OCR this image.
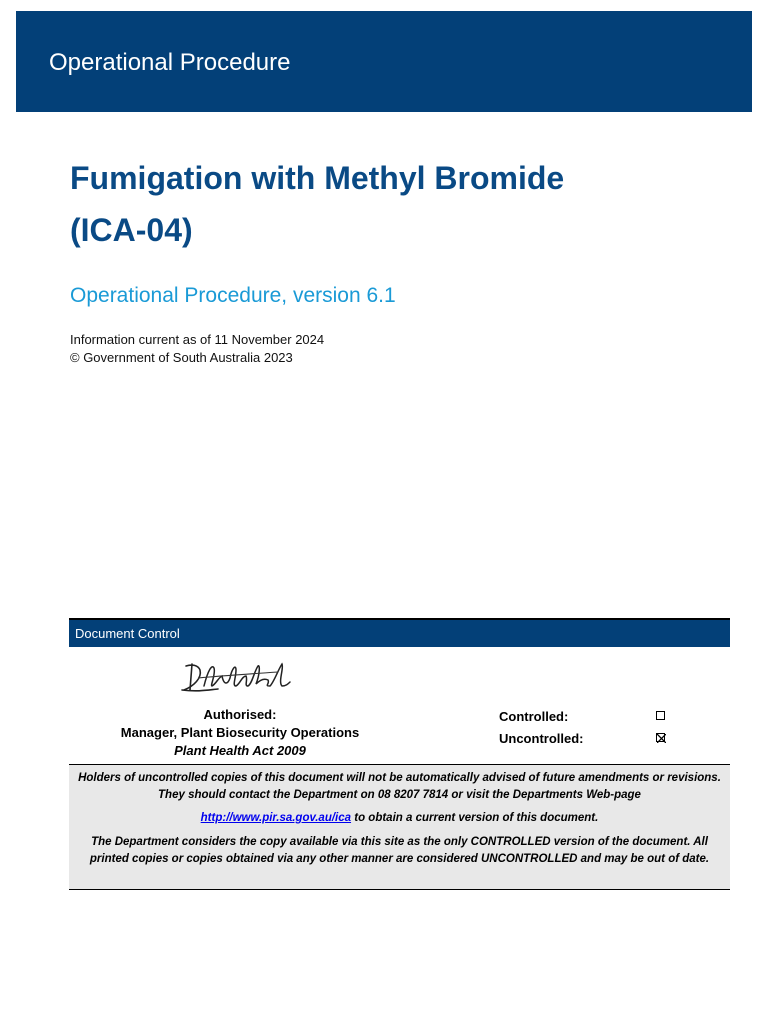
Operational Procedure
Fumigation with Methyl Bromide
(ICA-04)
Operational Procedure, version 6.1
Information current as of 11 November 2024
© Government of South Australia 2023
Document Control
Authorised:
Manager, Plant Biosecurity Operations
Plant Health Act 2009
Controlled:
Uncontrolled:

Holders of uncontrolled copies of this document will not be automatically advised of future amendments or revisions. They should contact the Department on 08 8207 7814 or visit the Departments Web-page

http://www.pir.sa.gov.au/ica to obtain a current version of this document.

The Department considers the copy available via this site as the only CONTROLLED version of the document. All printed copies or copies obtained via any other manner are considered UNCONTROLLED and may be out of date.
